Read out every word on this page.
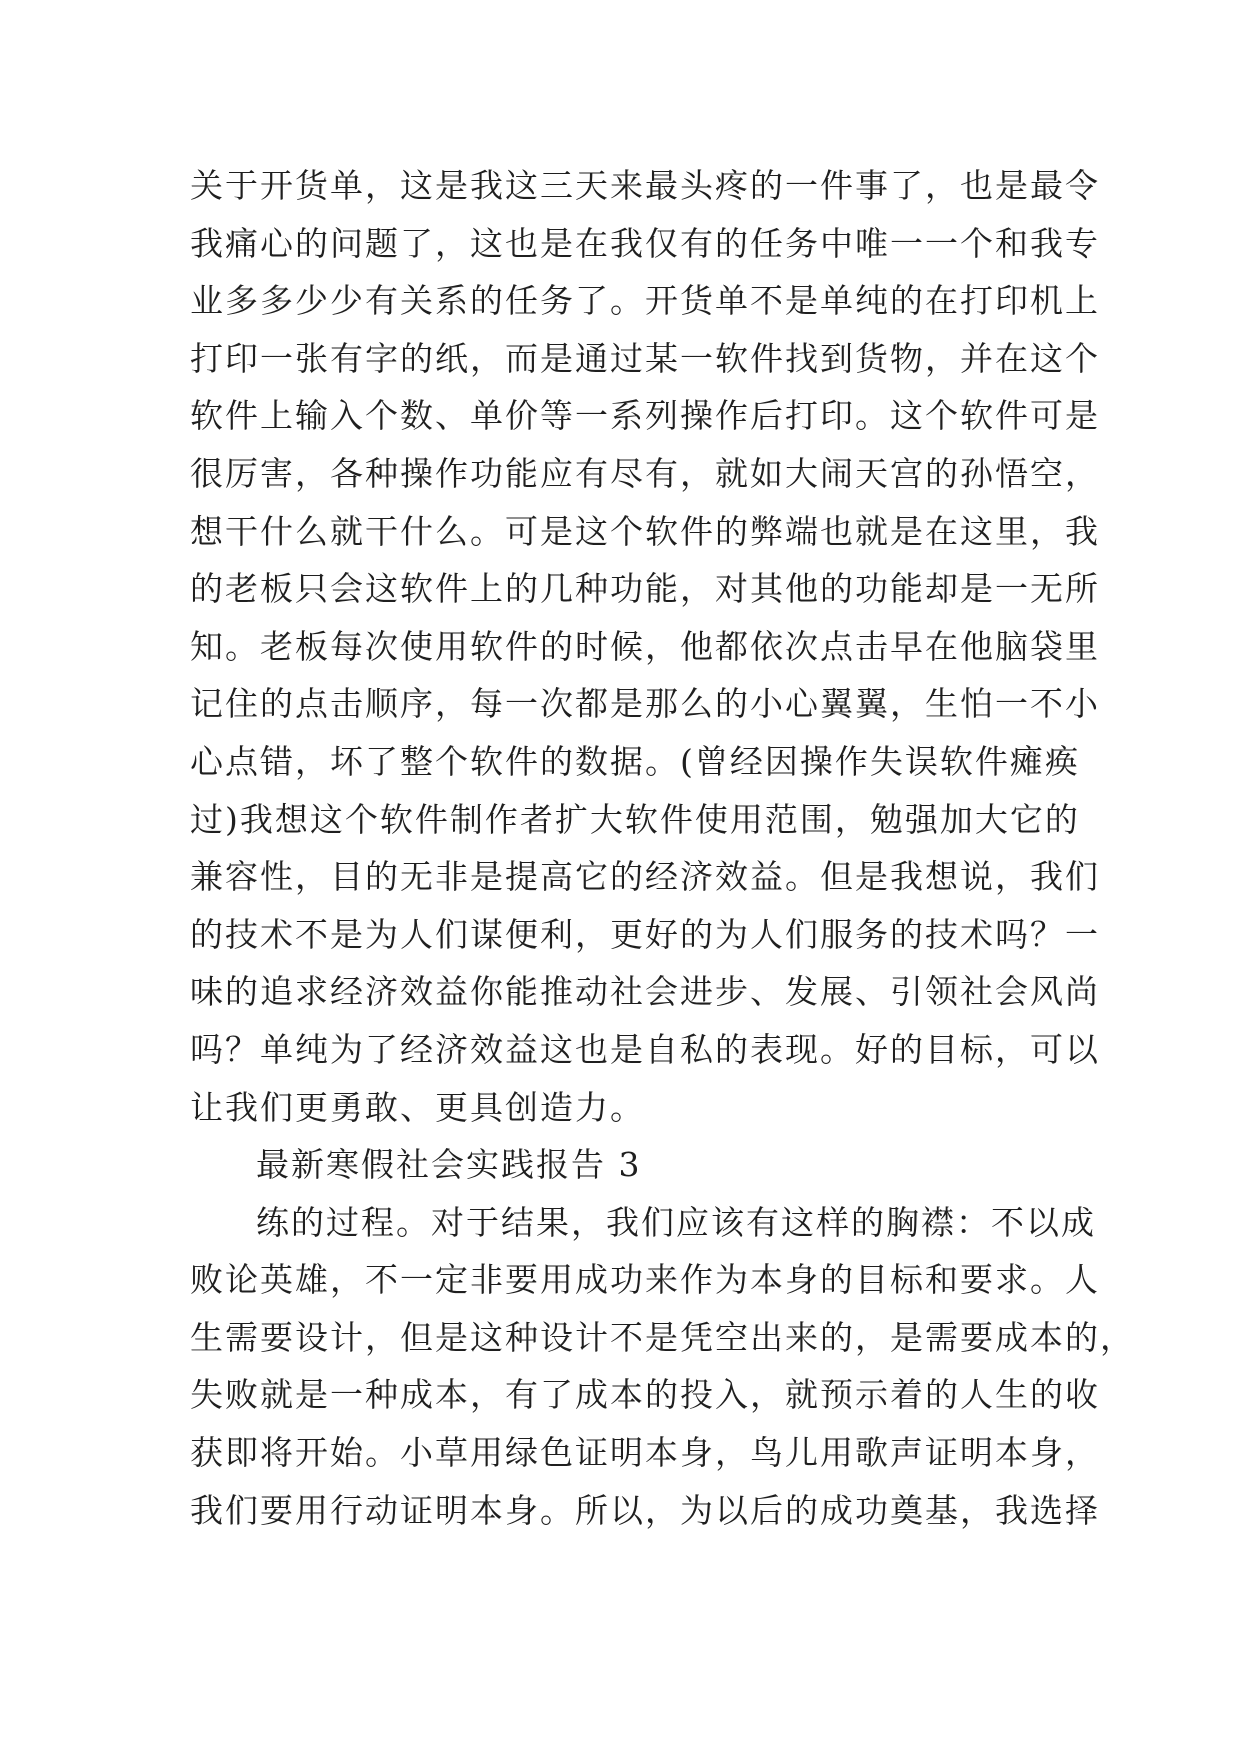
关于开货单，这是我这三天来最头疼的一件事了，也是最令
我痛心的问题了，这也是在我仅有的任务中唯一一个和我专
业多多少少有关系的任务了。开货单不是单纯的在打印机上
打印一张有字的纸，而是通过某一软件找到货物，并在这个
软件上输入个数、单价等一系列操作后打印。这个软件可是
很厉害，各种操作功能应有尽有，就如大闹天宫的孙悟空，
想干什么就干什么。可是这个软件的弊端也就是在这里，我
的老板只会这软件上的几种功能，对其他的功能却是一无所
知。老板每次使用软件的时候，他都依次点击早在他脑袋里
记住的点击顺序，每一次都是那么的小心翼翼，生怕一不小
心点错，坏了整个软件的数据。(曾经因操作失误软件瘫痪
过)我想这个软件制作者扩大软件使用范围，勉强加大它的
兼容性，目的无非是提高它的经济效益。但是我想说，我们
的技术不是为人们谋便利，更好的为人们服务的技术吗？一
味的追求经济效益你能推动社会进步、发展、引领社会风尚
吗？单纯为了经济效益这也是自私的表现。好的目标，可以
让我们更勇敢、更具创造力。
最新寒假社会实践报告 3
练的过程。对于结果，我们应该有这样的胸襟：不以成
败论英雄，不一定非要用成功来作为本身的目标和要求。人
生需要设计，但是这种设计不是凭空出来的，是需要成本的，
失败就是一种成本，有了成本的投入，就预示着的人生的收
获即将开始。小草用绿色证明本身，鸟儿用歌声证明本身，
我们要用行动证明本身。所以，为以后的成功奠基，我选择
